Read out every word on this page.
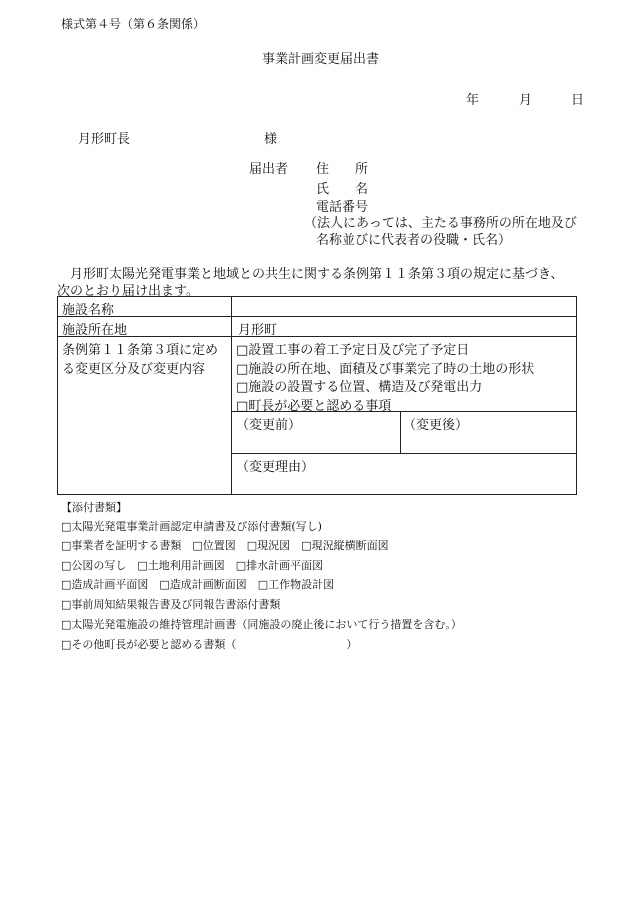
様式第４号（第６条関係）
事業計画変更届出書
年	月	日
月形町長	様
届出者 住　　所
氏　　名
電話番号
（法人にあっては、主たる事務所の所在地及び
名称並びに代表者の役職・氏名）
　月形町太陽光発電事業と地域との共生に関する条例第１１条第３項の規定に基づき、
次のとおり届け出ます。
施設名称
施設所在地	月形町
条例第１１条第３項に定め
る変更区分及び変更内容
□設置工事の着工予定日及び完了予定日
□施設の所在地、面積及び事業完了時の土地の形状
□施設の設置する位置、構造及び発電出力
□町長が必要と認める事項
（変更前）	（変更後）
（変更理由）
【添付書類】
□太陽光発電事業計画認定申請書及び添付書類(写し)
□事業者を証明する書類　□位置図　□現況図　□現況縦横断面図
□公図の写し　□土地利用計画図　□排水計画平面図
□造成計画平面図　□造成計画断面図　□工作物設計図
□事前周知結果報告書及び同報告書添付書類
□太陽光発電施設の維持管理計画書（同施設の廃止後において行う措置を含む。）
□その他町長が必要と認める書類（　　　　　　　　　　）
